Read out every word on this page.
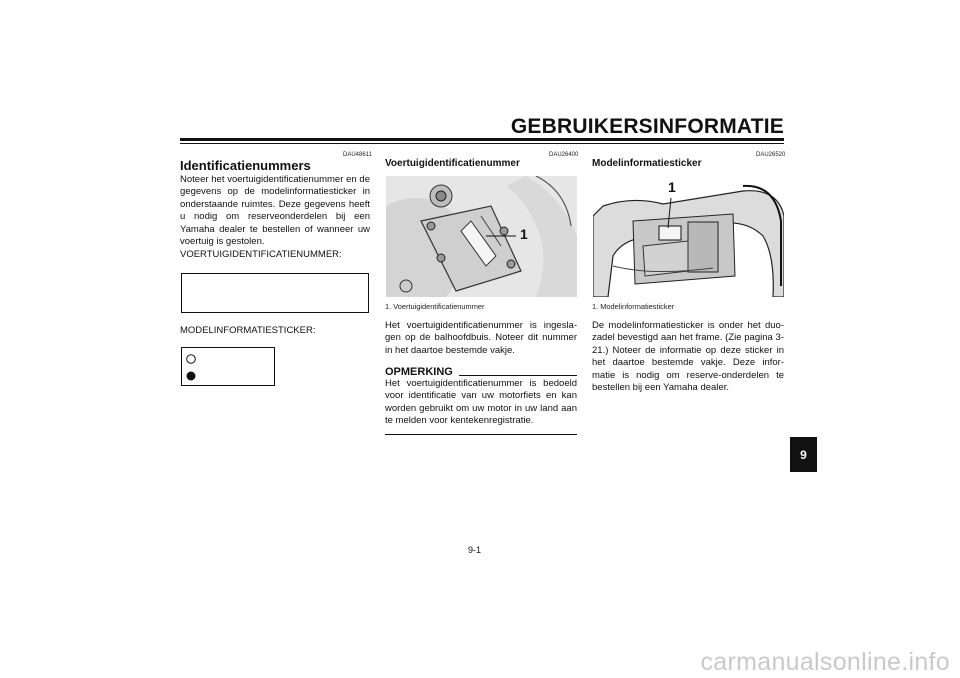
GEBRUIKERSINFORMATIE
DAU48611
Identificatienummers
Noteer het voertuigidentificatienummer en de gegevens op de modelinformatiesticker in onderstaande ruimtes. Deze gegevens heeft u nodig om reserveonderdelen bij een Yamaha dealer te bestellen of wanneer uw voertuig is gestolen.
VOERTUIGIDENTIFICATIENUMMER:
MODELINFORMATIESTICKER:
DAU26400
Voertuigidentificatienummer
1
1. Voertuigidentificatienummer
Het voertuigidentificatienummer is ingesla-gen op de balhoofdbuis. Noteer dit nummer in het daartoe bestemde vakje.
OPMERKING
Het voertuigidentificatienummer is bedoeld voor identificatie van uw motorfiets en kan worden gebruikt om uw motor in uw land aan te melden voor kentekenregistratie.
DAU26520
Modelinformatiesticker
1
1. Modelinformatiesticker
De modelinformatiesticker is onder het duo-zadel bevestigd aan het frame. (Zie pagina 3-21.) Noteer de informatie op deze sticker in het daartoe bestemde vakje. Deze infor-matie is nodig om reserve-onderdelen te bestellen bij een Yamaha dealer.
9
9-1
carmanualsonline.info
